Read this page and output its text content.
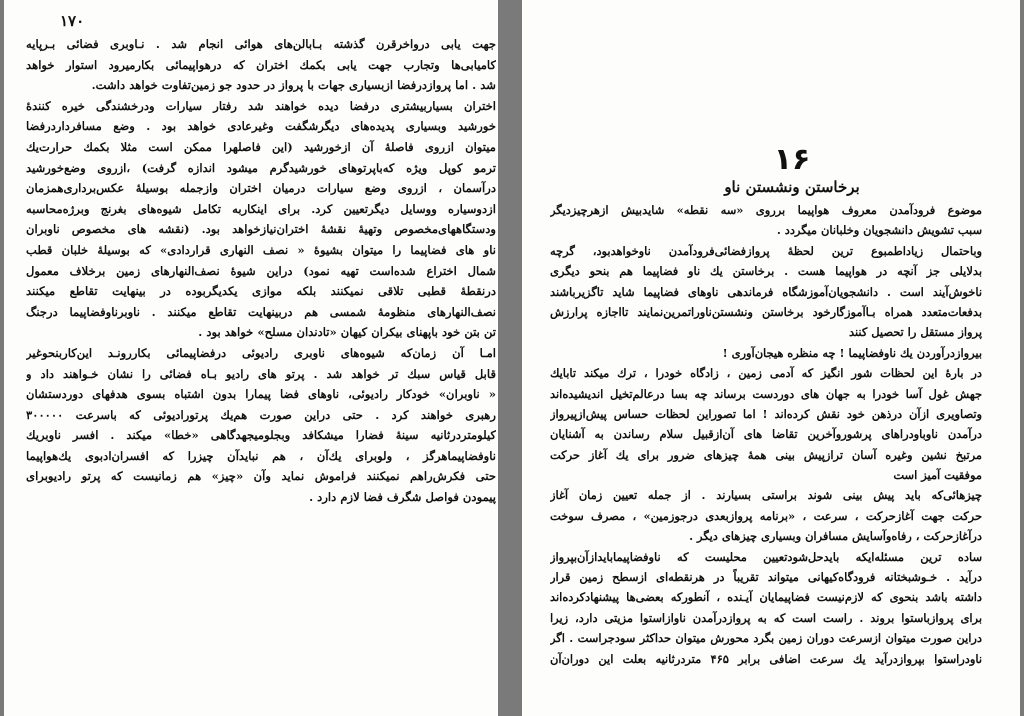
۱۷۰
جهت يابی درواخرقرن گذشته بـابالن‌های هوائی انجام شد . نـاوبری فضائی بـرپايه
كاميابی‌ها وتجارب جهت يابی بكمك اختران كه درهواپيمائی بكارميرود استوار خواهد
شد . اما پروازدرفضا ازبسياری جهات با پرواز در حدود جو زمين‌تفاوت خواهد داشت.
اختران بسياربيشتری درفضا ديده خواهند شد رفتار سيارات ودرخشندگی خيره كنندۀ
خورشيد وبسياری پديده‌های ديگرشگفت وغيرعادی خواهد بود . وضع مسافرداردرفضا
ميتوان ازروی فاصلۀ آن ازخورشيد (اين فاصلهرا ممكن است مثلا بكمك حرارت‌يك
ترمو كوپل ويژه كه‌باپرتوهای خورشيدگرم ميشود اندازه گرفت) ،ازروی وضع‌خورشيد
درآسمان ، ازروی وضع سيارات درميان اختران وازجمله بوسيلۀ عكس‌برداری‌همزمان
ازدوسياره ووسايل ديگرتعيين كرد. برای اينكاربه تكامل شيوه‌های بغرنج وبرژه‌محاسبه
ودستگاههای‌مخصوص وتهيۀ نقشۀ اختران‌نيازخواهد بود. (نقشه های مخصوص ناوبران
ناو های فضاپيما را ميتوان بشيوۀ « نصف النهاری قراردادی» كه بوسيلۀ خلبان قطب
شمال اختراع شده‌است تهيه نمود) دراين شيوۀ نصف‌النهارهای زمين برخلاف معمول
درنقطۀ قطبی تلاقی نميكنند بلكه موازی يكديگربوده در بينهايت تقاطع ميكنند
نصف‌النهارهای منظومۀ شمسی هم دربينهايت تقاطع ميكنند . ناوبرناوفضاپيما درجنگ
تن بتن خود باپهنای بيكران كيهان «تادندان مسلح» خواهد بود .
امـا آن زمان‌كه شيوه‌های ناوبری راديوئی درفضاپيمائی بكاررونـد اين‌كاربنحوغير
قابل قياس سبك تر خواهد شد . پرتو های راديو بـاه فضائی را نشان خـواهند داد و
« ناوبران» خودكار راديوئی، ناوهای فضا پيمارا بدون اشتباه بسوی هدفهای دوردستشان
رهبری خواهند كرد . حتی دراين صورت هم‌يك پرتوراديوئی كه باسرعت ۳۰۰۰۰۰
كيلومتردرثانيه سينۀ فضارا ميشكافد وبجلوميجهدگاهی «خطا» ميكند . افسر ناوبريك
ناوفضاپيماهرگز ، ولوبرای يك‌آن ، هم نبايدآن چيزرا كه افسران‌ادبوی يك‌هواپيما
حتی فكرش‌راهم نميكنند فراموش نمايد وآن «چيز» هم زمانيست كه پرتو راديوبرای
پيمودن فواصل شگرف فضا لازم دارد .
۱۶
برخاستن ونشستن ناو
موضوع فرودآمدن معروف هواپيما برروی «سه نقطه» شايدبيش ازهرچيزديگر
سبب تشويش دانشجويان وخلبانان ميگردد .
وباحتمال زياداطمبوع ترين لحظۀ پروازفضائی‌فرودآمدن ناوخواهدبود، گرچه
بدلايلی جز آنچه در هواپيما هست . برخاستن يك ناو فضاپيما هم بنحو ديگری
ناخوش‌آيند است . دانشجويان‌آموزشگاه فرماندهی ناوهای فضاپيما شايد تاگزيرباشند
بدفعات‌متعدد همراه بـاآموزگارخود برخاستن ونشستن‌ناورا‌تمرين‌نمايند تااجازه پرارزش
پرواز مستقل را تحصيل كنند
بيروازدرآوردن يك ناوفضاپيما ! چه منظره هيجان‌آوری !
در بارۀ اين لحظات شور انگيز كه آدمی زمين ، زادگاه خودرا ، ترك ميكند تابايك
جهش غول آسا خودرا به جهان های دوردست برساند چه بسا درعالم‌تخيل انديشيده‌اند
وتصاويری ازآن درذهن خود نقش كرده‌اند ! اما تصوراين لحظات حساس پيش‌ازپيرواز
درآمدن ناوباودراهای پرشوروآخرين تقاضا های آن‌ازقبيل سلام رساندن به آشنايان
مرتبخ نشين وغيره آسان ترازپيش بينی همۀ چيزهای ضرور برای يك آغاز حركت
موفقيت آميز است
چيزهائی‌كه بايد پيش بينی شوند براستی بسيارند . از جمله تعيين زمان آغاز
حركت جهت آغازحركت ، سرعت ، «برنامه پروازبعدی درجوزمين» ، مصرف سوخت
درآغازحركت ، رفاه‌وآسايش مسافران وبسياری چيزهای ديگر .
ساده ترين مسئله‌ايكه بايدحل‌شودتعيين محليست كه ناوفضاپيمابايدازآن‌بپرواز
درآيد . خـوشبختانه فرودگاه‌كيهانی ميتواند تقريباً در هرنقطه‌ای ازسطح زمين قرار
داشته باشد بنحوی كه لازم‌نيست فضاپيمايان آيـنده ، آنطوركه بعضی‌ها پيشنهادكرده‌اند
برای پروازباستوا بروند . راست است كه به پروازدرآمدن ناواز‌استوا مزيتی دارد، زيرا
دراين صورت ميتوان ازسرعت دوران زمين بگرد محورش ميتوان حداكثر سودجراست . اگر
ناودراستوا بپروازدرآيد يك سرعت اضافی برابر ۴۶۵ متردرثانيه بعلت اين دوران‌آن
